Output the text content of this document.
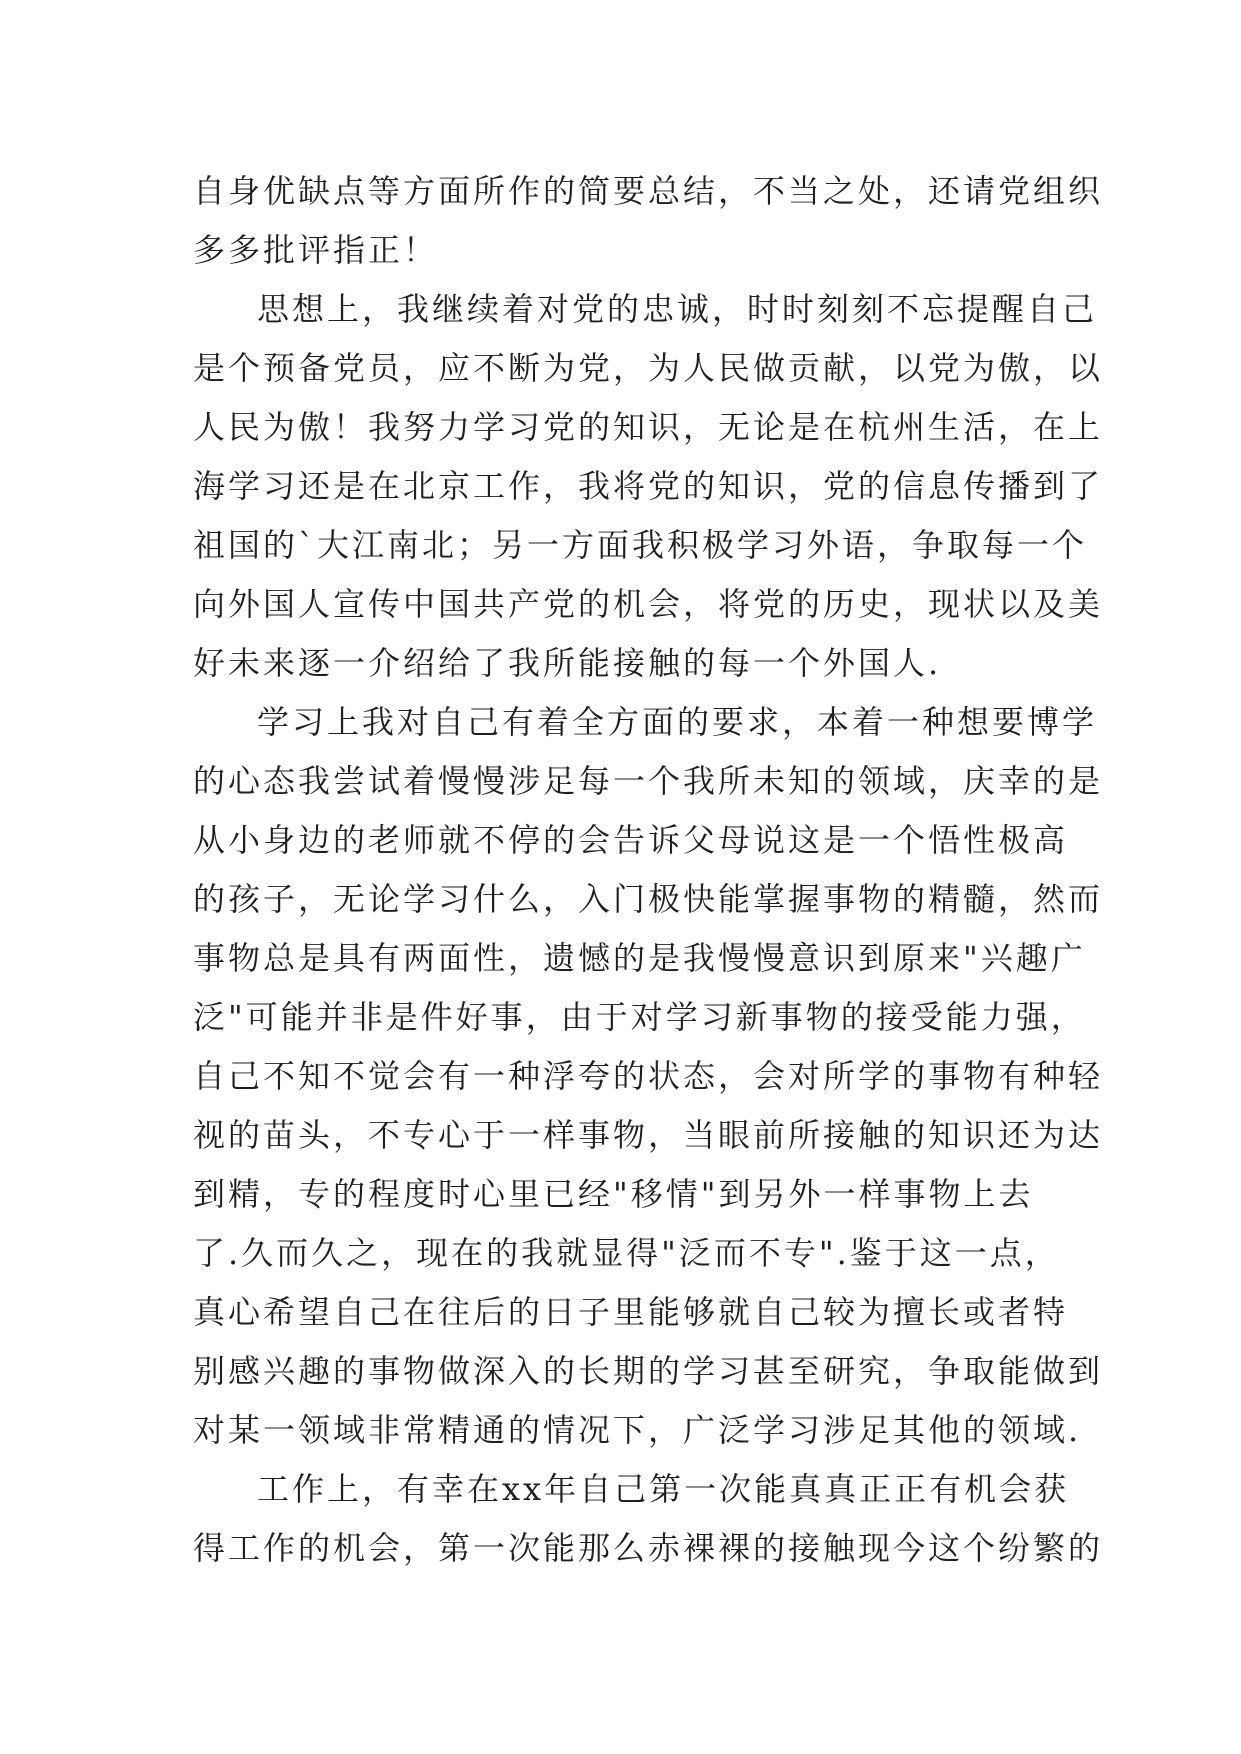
自身优缺点等方面所作的简要总结，不当之处，还请党组织
多多批评指正！
思想上，我继续着对党的忠诚，时时刻刻不忘提醒自己
是个预备党员，应不断为党，为人民做贡献，以党为傲，以
人民为傲！我努力学习党的知识，无论是在杭州生活，在上
海学习还是在北京工作，我将党的知识，党的信息传播到了
祖国的`大江南北；另一方面我积极学习外语，争取每一个
向外国人宣传中国共产党的机会，将党的历史，现状以及美
好未来逐一介绍给了我所能接触的每一个外国人.
学习上我对自己有着全方面的要求，本着一种想要博学
的心态我尝试着慢慢涉足每一个我所未知的领域，庆幸的是
从小身边的老师就不停的会告诉父母说这是一个悟性极高
的孩子，无论学习什么，入门极快能掌握事物的精髓，然而
事物总是具有两面性，遗憾的是我慢慢意识到原来"兴趣广
泛"可能并非是件好事，由于对学习新事物的接受能力强，
自己不知不觉会有一种浮夸的状态，会对所学的事物有种轻
视的苗头，不专心于一样事物，当眼前所接触的知识还为达
到精，专的程度时心里已经"移情"到另外一样事物上去
了.久而久之，现在的我就显得"泛而不专".鉴于这一点，
真心希望自己在往后的日子里能够就自己较为擅长或者特
别感兴趣的事物做深入的长期的学习甚至研究，争取能做到
对某一领域非常精通的情况下，广泛学习涉足其他的领域.
工作上，有幸在xx年自己第一次能真真正正有机会获
得工作的机会，第一次能那么赤裸裸的接触现今这个纷繁的
